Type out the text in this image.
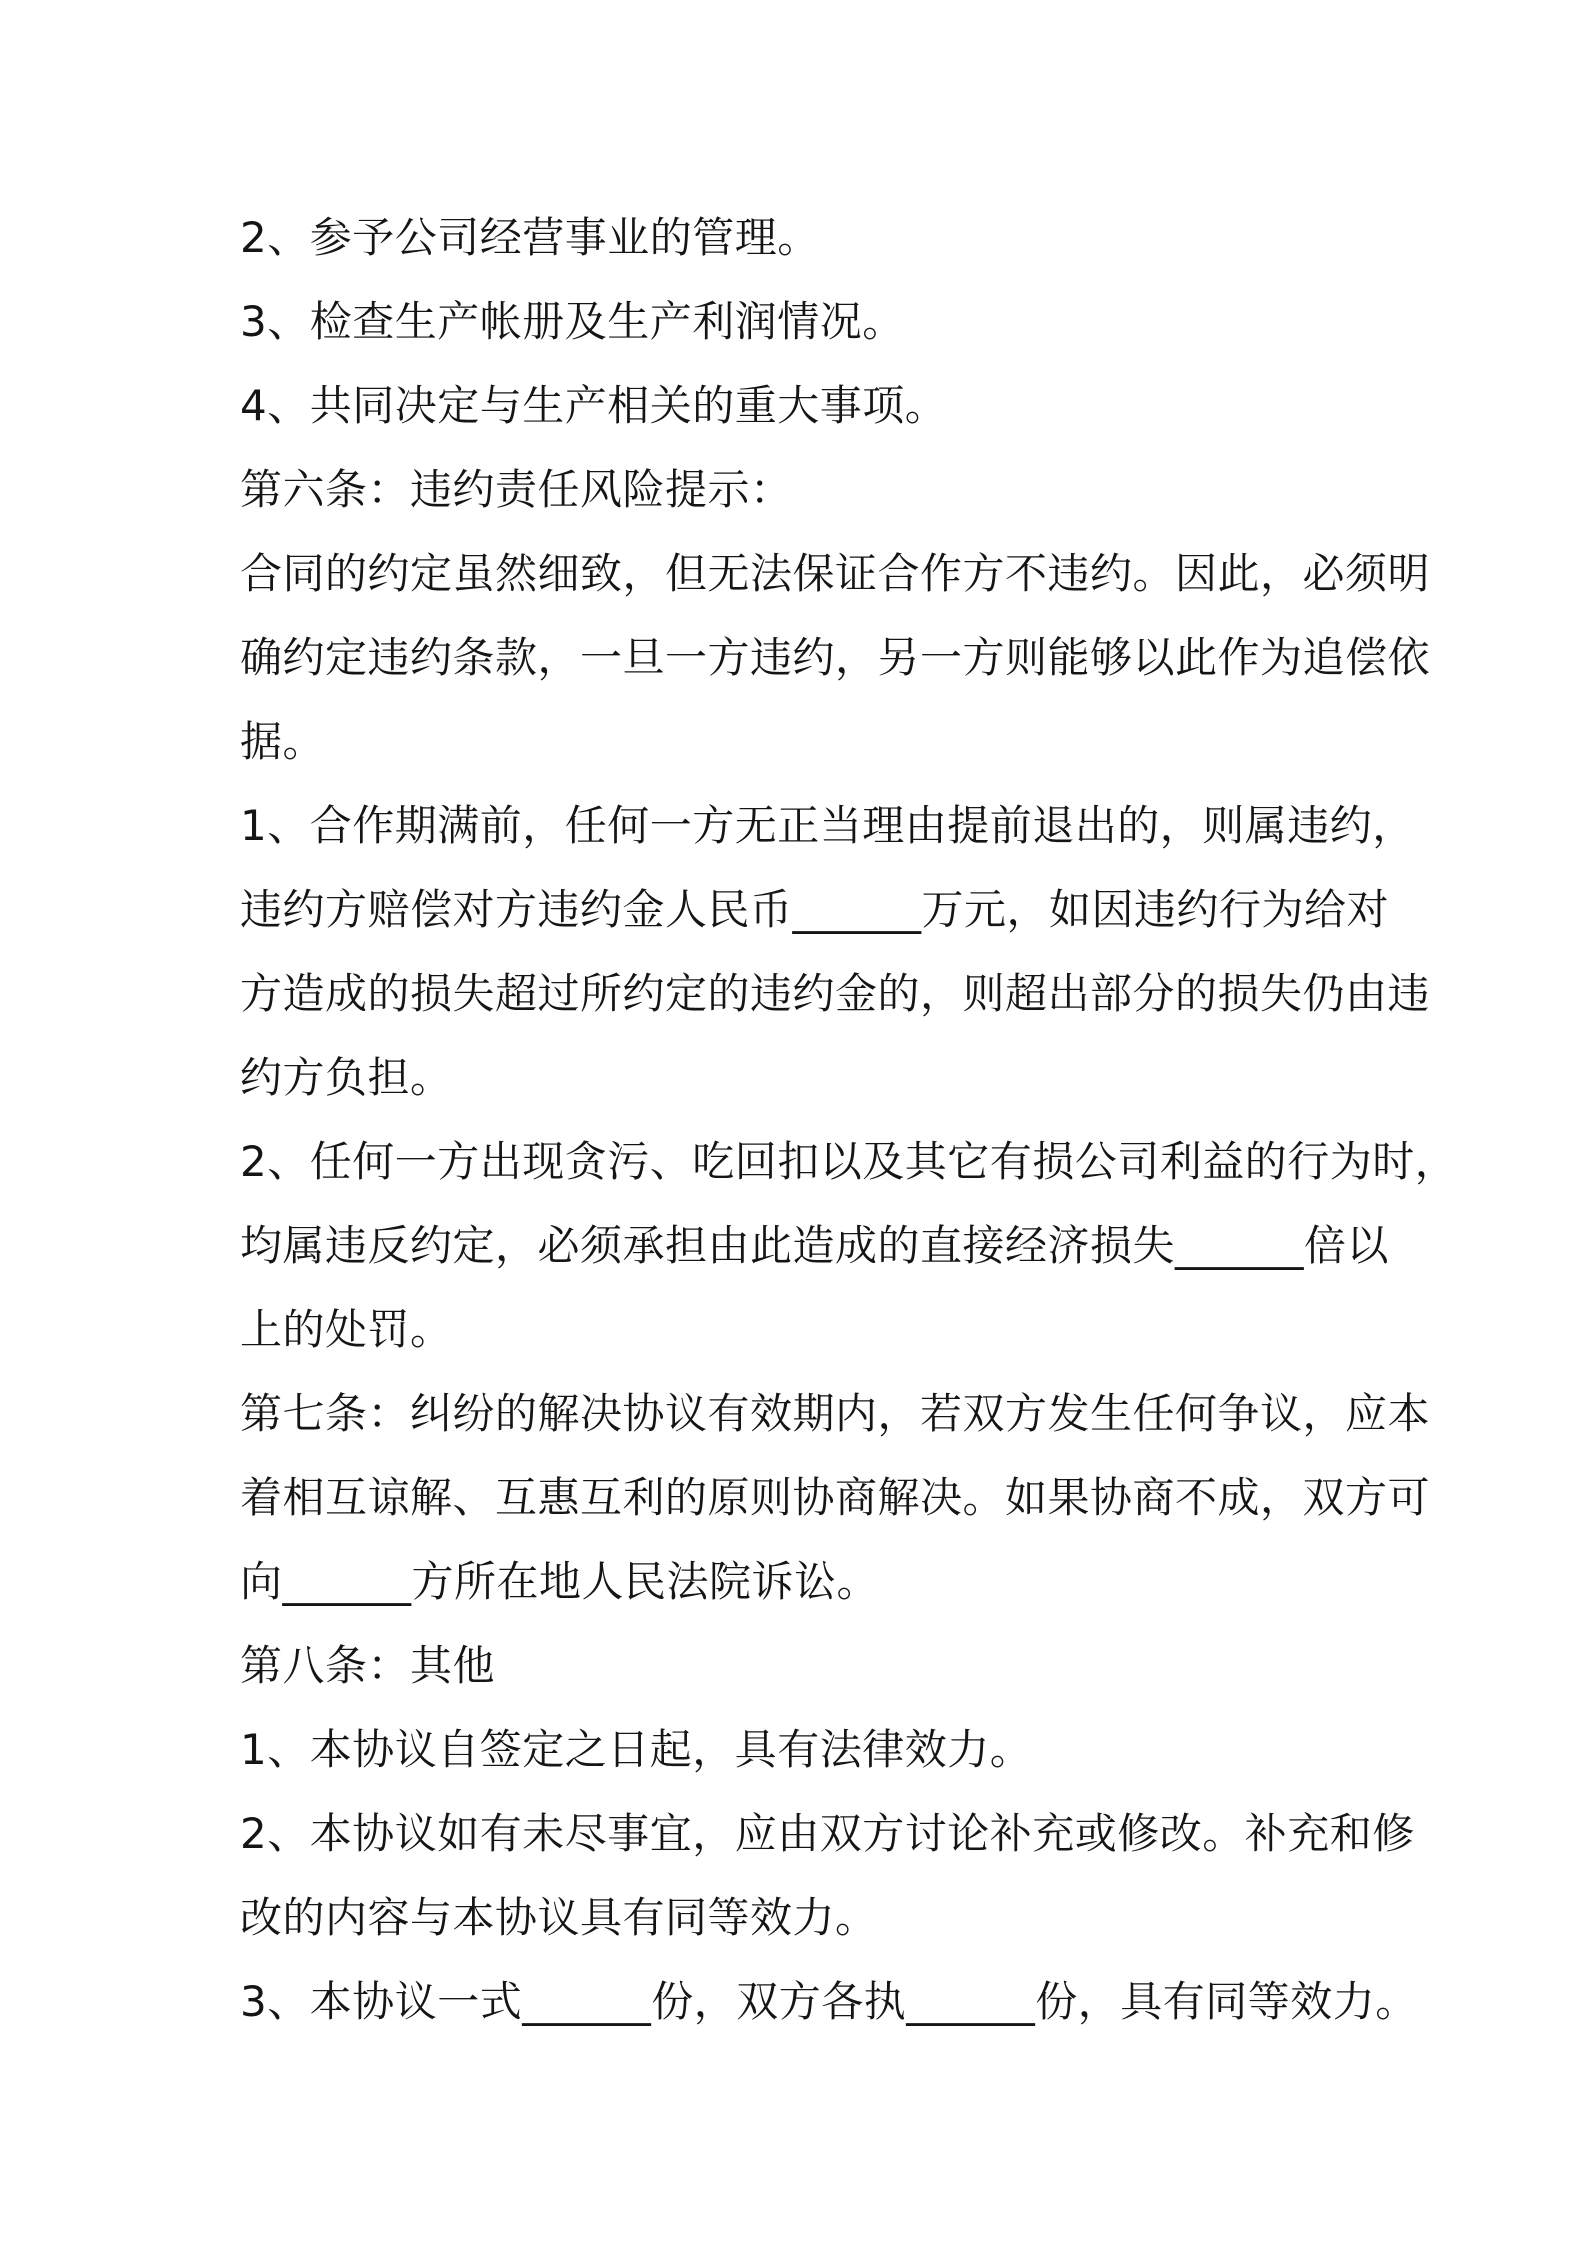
2、参予公司经营事业的管理。
3、检查生产帐册及生产利润情况。
4、共同决定与生产相关的重大事项。
第六条：违约责任风险提示：
合同的约定虽然细致，但无法保证合作方不违约。因此，必须明
确约定违约条款，一旦一方违约，另一方则能够以此作为追偿依
据。
1、合作期满前，任何一方无正当理由提前退出的，则属违约，
违约方赔偿对方违约金人民币______万元，如因违约行为给对
方造成的损失超过所约定的违约金的，则超出部分的损失仍由违
约方负担。
2、任何一方出现贪污、吃回扣以及其它有损公司利益的行为时，
均属违反约定，必须承担由此造成的直接经济损失______倍以
上的处罚。
第七条：纠纷的解决协议有效期内，若双方发生任何争议，应本
着相互谅解、互惠互利的原则协商解决。如果协商不成，双方可
向______方所在地人民法院诉讼。
第八条：其他
1、本协议自签定之日起，具有法律效力。
2、本协议如有未尽事宜，应由双方讨论补充或修改。补充和修
改的内容与本协议具有同等效力。
3、本协议一式______份，双方各执______份，具有同等效力。
